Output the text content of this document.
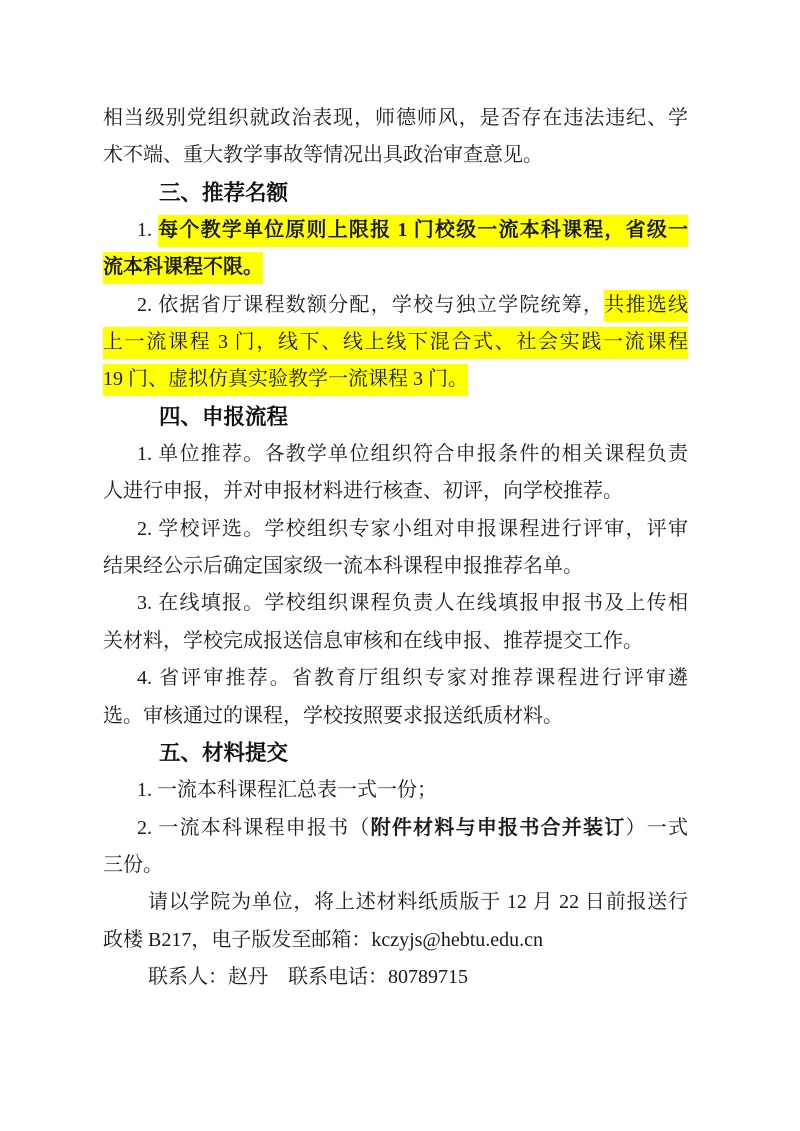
相当级别党组织就政治表现，师德师风，是否存在违法违纪、学
术不端、重大教学事故等情况出具政治审查意见。
三、推荐名额
1. 每个教学单位原则上限报 1 门校级一流本科课程，省级一
流本科课程不限。
2. 依据省厅课程数额分配，学校与独立学院统筹，共推选线
上一流课程 3 门，线下、线上线下混合式、社会实践一流课程
19 门、虚拟仿真实验教学一流课程 3 门。
四、申报流程
1. 单位推荐。各教学单位组织符合申报条件的相关课程负责
人进行申报，并对申报材料进行核查、初评，向学校推荐。
2. 学校评选。学校组织专家小组对申报课程进行评审，评审
结果经公示后确定国家级一流本科课程申报推荐名单。
3. 在线填报。学校组织课程负责人在线填报申报书及上传相
关材料，学校完成报送信息审核和在线申报、推荐提交工作。
4. 省评审推荐。省教育厅组织专家对推荐课程进行评审遴
选。审核通过的课程，学校按照要求报送纸质材料。
五、材料提交
1. 一流本科课程汇总表一式一份；
2. 一流本科课程申报书（附件材料与申报书合并装订）一式
三份。
请以学院为单位，将上述材料纸质版于 12 月 22 日前报送行
政楼 B217，电子版发至邮箱：kczyjs@hebtu.edu.cn
联系人：赵丹　联系电话：80789715
